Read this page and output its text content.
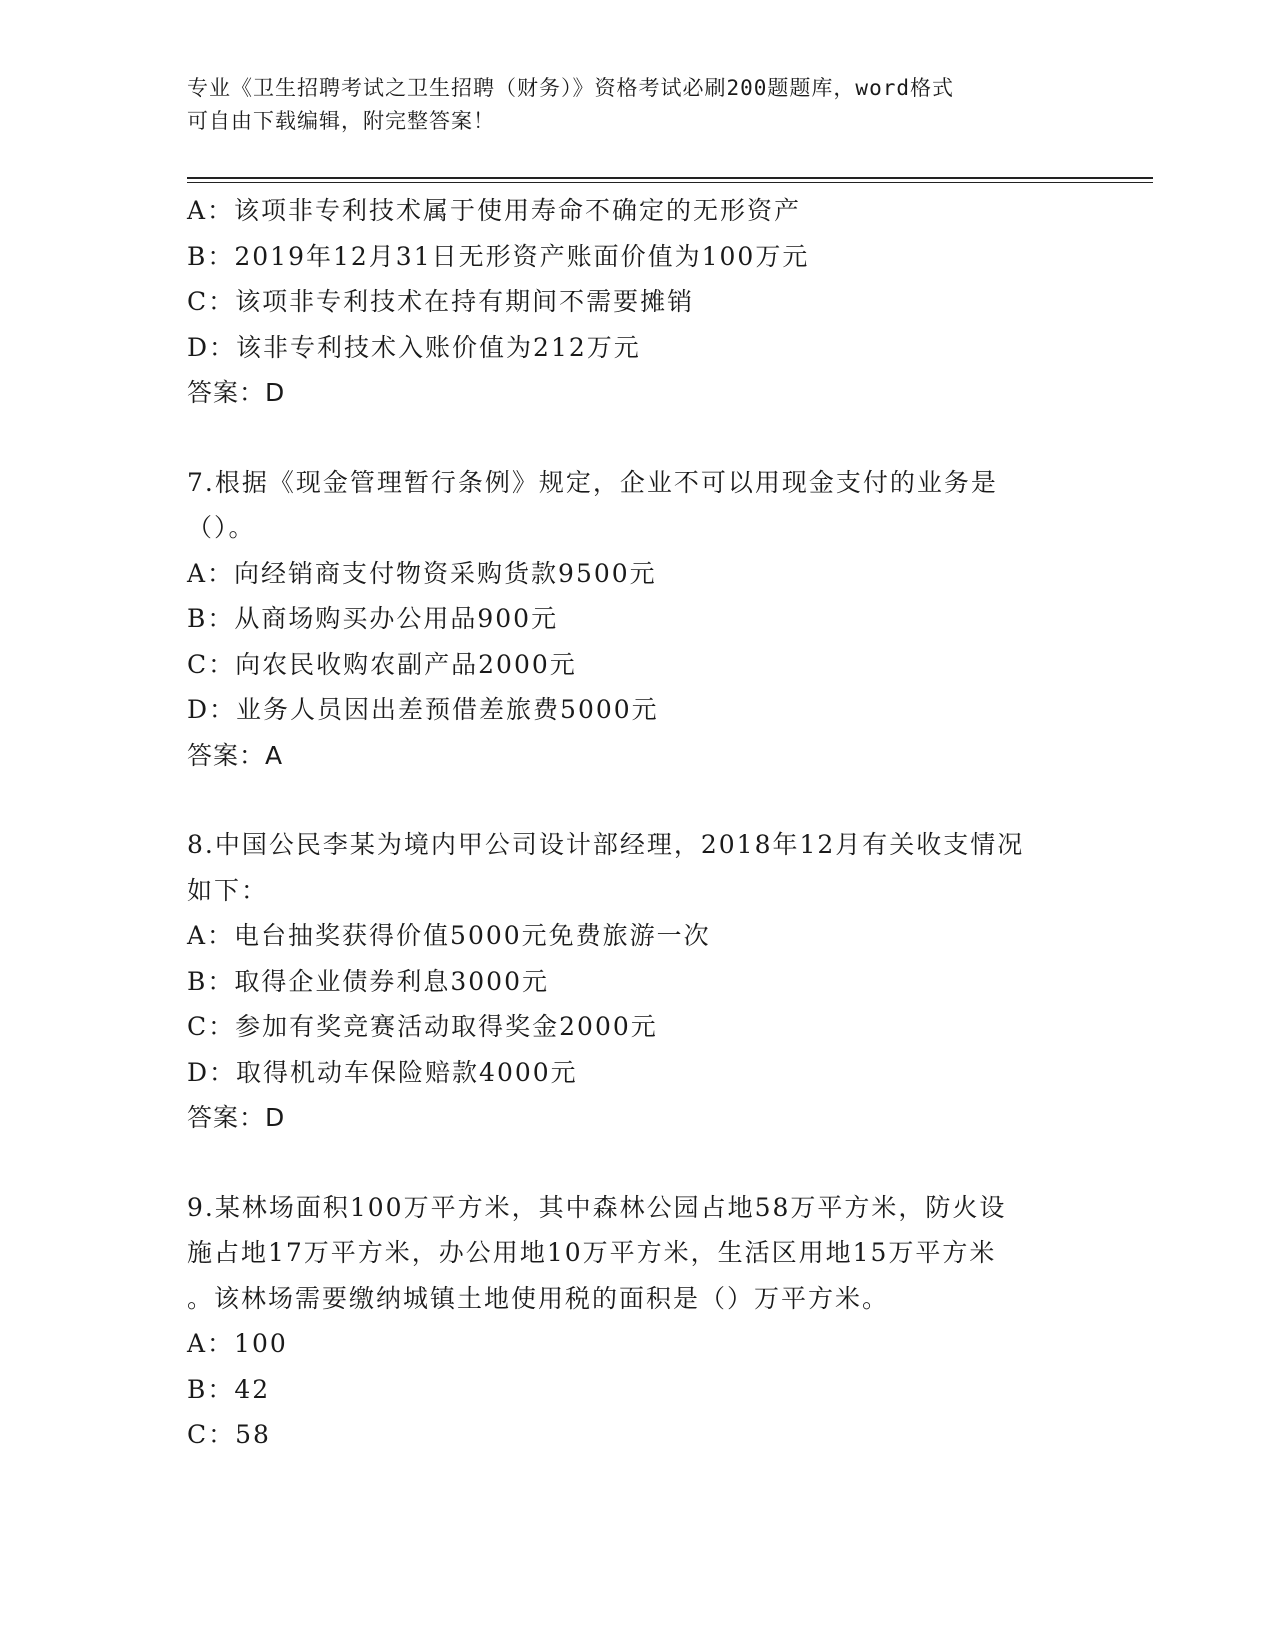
专业《卫生招聘考试之卫生招聘（财务）》资格考试必刷200题题库，word格式
可自由下载编辑，附完整答案！
A：该项非专利技术属于使用寿命不确定的无形资产
B：2019年12月31日无形资产账面价值为100万元
C：该项非专利技术在持有期间不需要摊销
D：该非专利技术入账价值为212万元
答案：D
7.根据《现金管理暂行条例》规定，企业不可以用现金支付的业务是
（）。
A：向经销商支付物资采购货款9500元
B：从商场购买办公用品900元
C：向农民收购农副产品2000元
D：业务人员因出差预借差旅费5000元
答案：A
8.中国公民李某为境内甲公司设计部经理，2018年12月有关收支情况
如下：
A：电台抽奖获得价值5000元免费旅游一次
B：取得企业债券利息3000元
C：参加有奖竞赛活动取得奖金2000元
D：取得机动车保险赔款4000元
答案：D
9.某林场面积100万平方米，其中森林公园占地58万平方米，防火设
施占地17万平方米，办公用地10万平方米，生活区用地15万平方米
。该林场需要缴纳城镇土地使用税的面积是（）万平方米。
A：100
B：42
C：58
